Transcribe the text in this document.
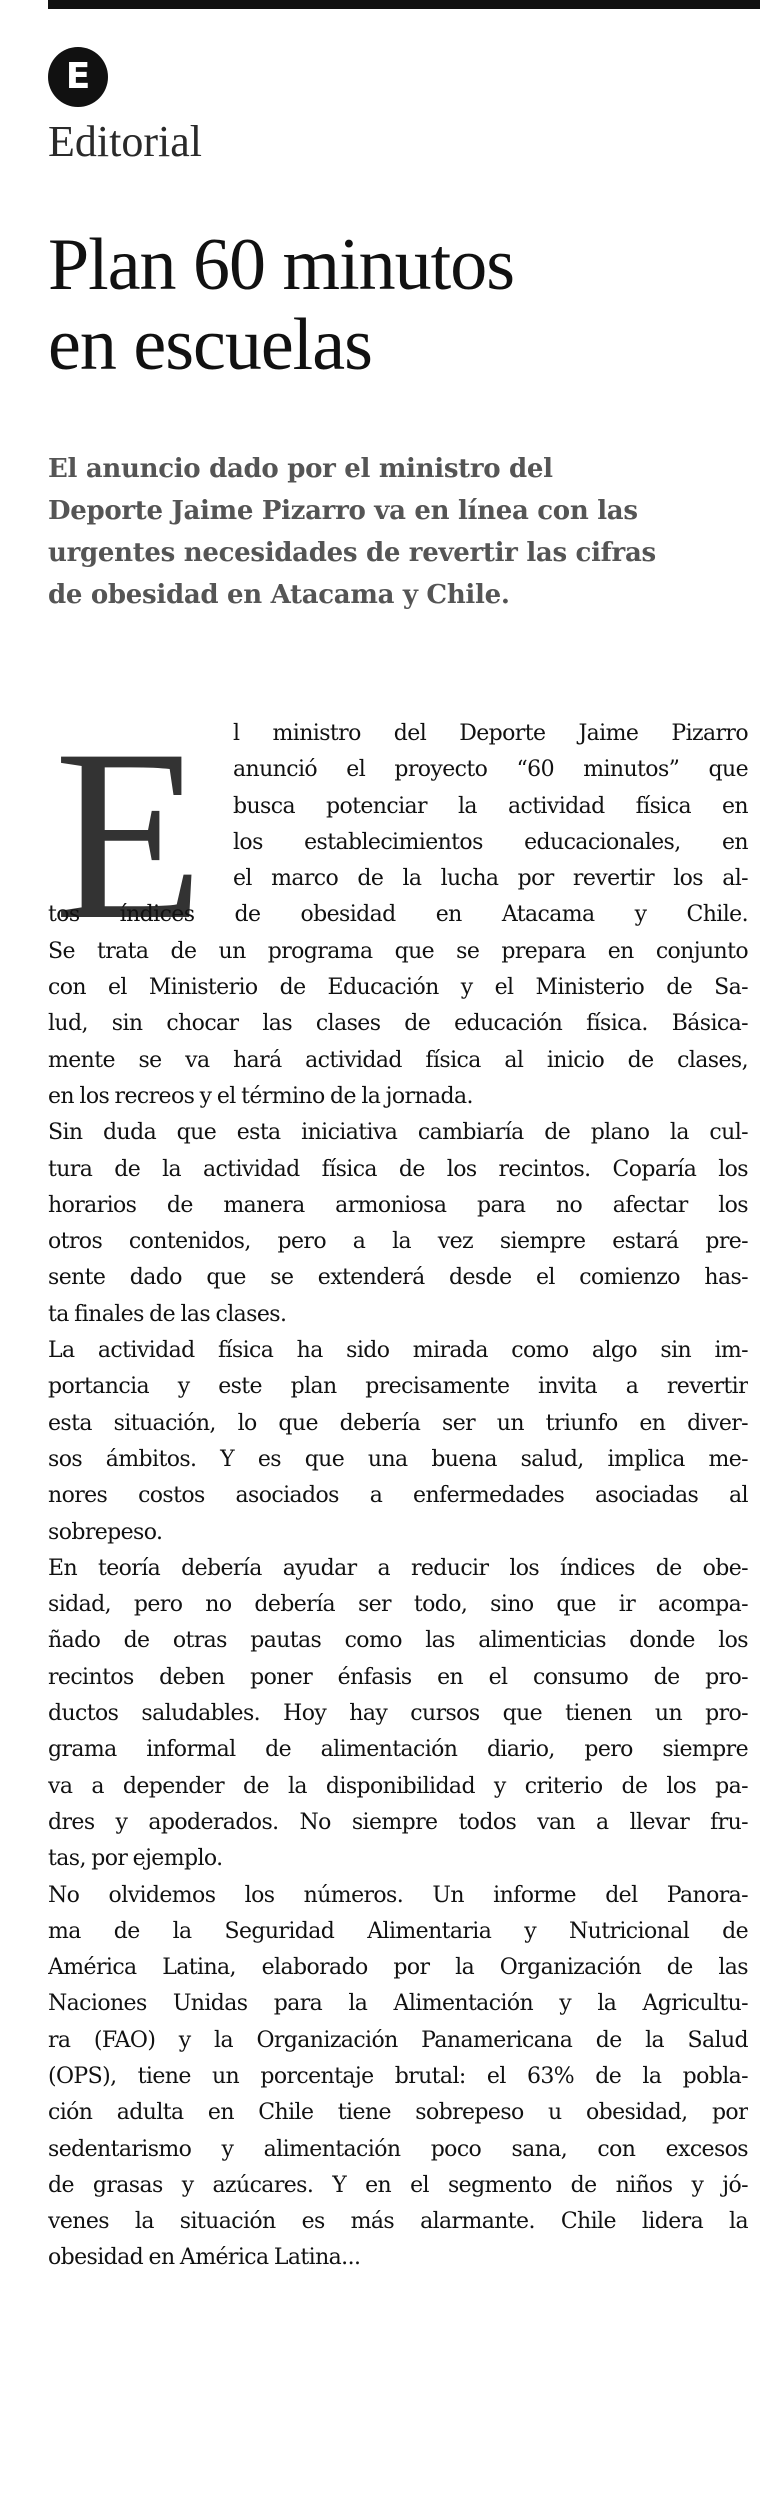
E
Editorial
Plan 60 minutos
en escuelas
El anuncio dado por el ministro del
Deporte Jaime Pizarro va en línea con las
urgentes necesidades de revertir las cifras
de obesidad en Atacama y Chile.
E	l ministro del Deporte Jaime Pizarro
anunció el proyecto “60 minutos” que
busca potenciar la actividad física en
los establecimientos educacionales, en
el marco de la lucha por revertir los al-
tos índices de obesidad en Atacama y Chile.
Se trata de un programa que se prepara en conjunto
con el Ministerio de Educación y el Ministerio de Sa-
lud, sin chocar las clases de educación física. Básica-
mente se va hará actividad física al inicio de clases,
en los recreos y el término de la jornada.
Sin duda que esta iniciativa cambiaría de plano la cul-
tura de la actividad física de los recintos. Coparía los
horarios de manera armoniosa para no afectar los
otros contenidos, pero a la vez siempre estará pre-
sente dado que se extenderá desde el comienzo has-
ta finales de las clases.
La actividad física ha sido mirada como algo sin im-
portancia y este plan precisamente invita a revertir
esta situación, lo que debería ser un triunfo en diver-
sos ámbitos. Y es que una buena salud, implica me-
nores costos asociados a enfermedades asociadas al
sobrepeso.
En teoría debería ayudar a reducir los índices de obe-
sidad, pero no debería ser todo, sino que ir acompa-
ñado de otras pautas como las alimenticias donde los
recintos deben poner énfasis en el consumo de pro-
ductos saludables. Hoy hay cursos que tienen un pro-
grama informal de alimentación diario, pero siempre
va a depender de la disponibilidad y criterio de los pa-
dres y apoderados. No siempre todos van a llevar fru-
tas, por ejemplo.
No olvidemos los números. Un informe del Panora-
ma de la Seguridad Alimentaria y Nutricional de
América Latina, elaborado por la Organización de las
Naciones Unidas para la Alimentación y la Agricultu-
ra (FAO) y la Organización Panamericana de la Salud
(OPS), tiene un porcentaje brutal: el 63% de la pobla-
ción adulta en Chile tiene sobrepeso u obesidad, por
sedentarismo y alimentación poco sana, con excesos
de grasas y azúcares. Y en el segmento de niños y jó-
venes la situación es más alarmante. Chile lidera la
obesidad en América Latina...
